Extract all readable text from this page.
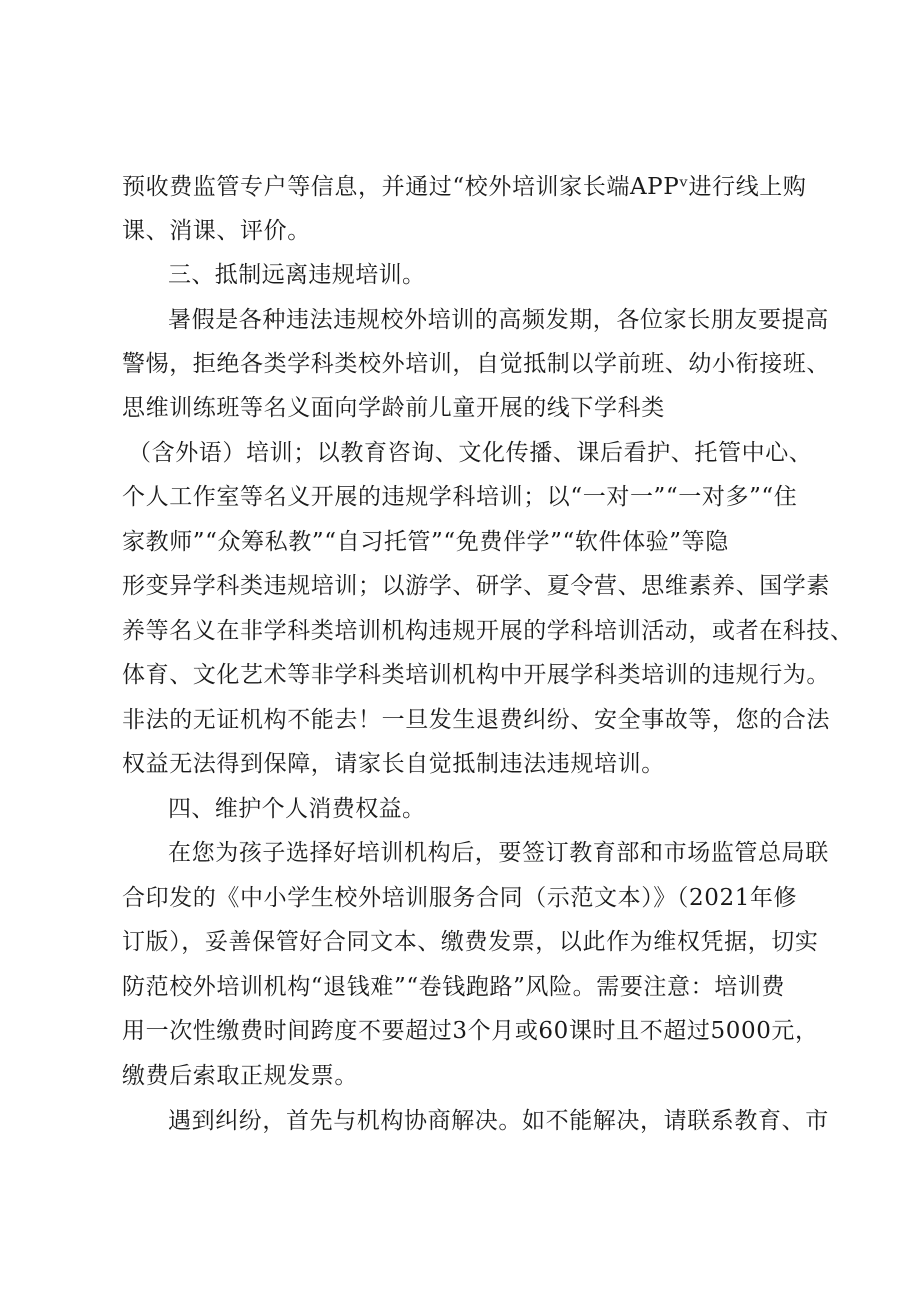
预收费监管专户等信息，并通过“校外培训家长端APPᵛ进行线上购
课、消课、评价。
三、抵制远离违规培训。
暑假是各种违法违规校外培训的高频发期，各位家长朋友要提高
警惕，拒绝各类学科类校外培训，自觉抵制以学前班、幼小衔接班、
思维训练班等名义面向学龄前儿童开展的线下学科类
（含外语）培训；以教育咨询、文化传播、课后看护、托管中心、
个人工作室等名义开展的违规学科培训；以“一对一”“一对多”“住
家教师”“众筹私教”“自习托管”“免费伴学”“软件体验”等隐
形变异学科类违规培训；以游学、研学、夏令营、思维素养、国学素
养等名义在非学科类培训机构违规开展的学科培训活动，或者在科技、
体育、文化艺术等非学科类培训机构中开展学科类培训的违规行为。
非法的无证机构不能去！一旦发生退费纠纷、安全事故等，您的合法
权益无法得到保障，请家长自觉抵制违法违规培训。
四、维护个人消费权益。
在您为孩子选择好培训机构后，要签订教育部和市场监管总局联
合印发的《中小学生校外培训服务合同（示范文本）》（2021年修
订版），妥善保管好合同文本、缴费发票，以此作为维权凭据，切实
防范校外培训机构“退钱难”“卷钱跑路”风险。需要注意：培训费
用一次性缴费时间跨度不要超过3个月或60课时且不超过5000元，
缴费后索取正规发票。
遇到纠纷，首先与机构协商解决。如不能解决，请联系教育、市
